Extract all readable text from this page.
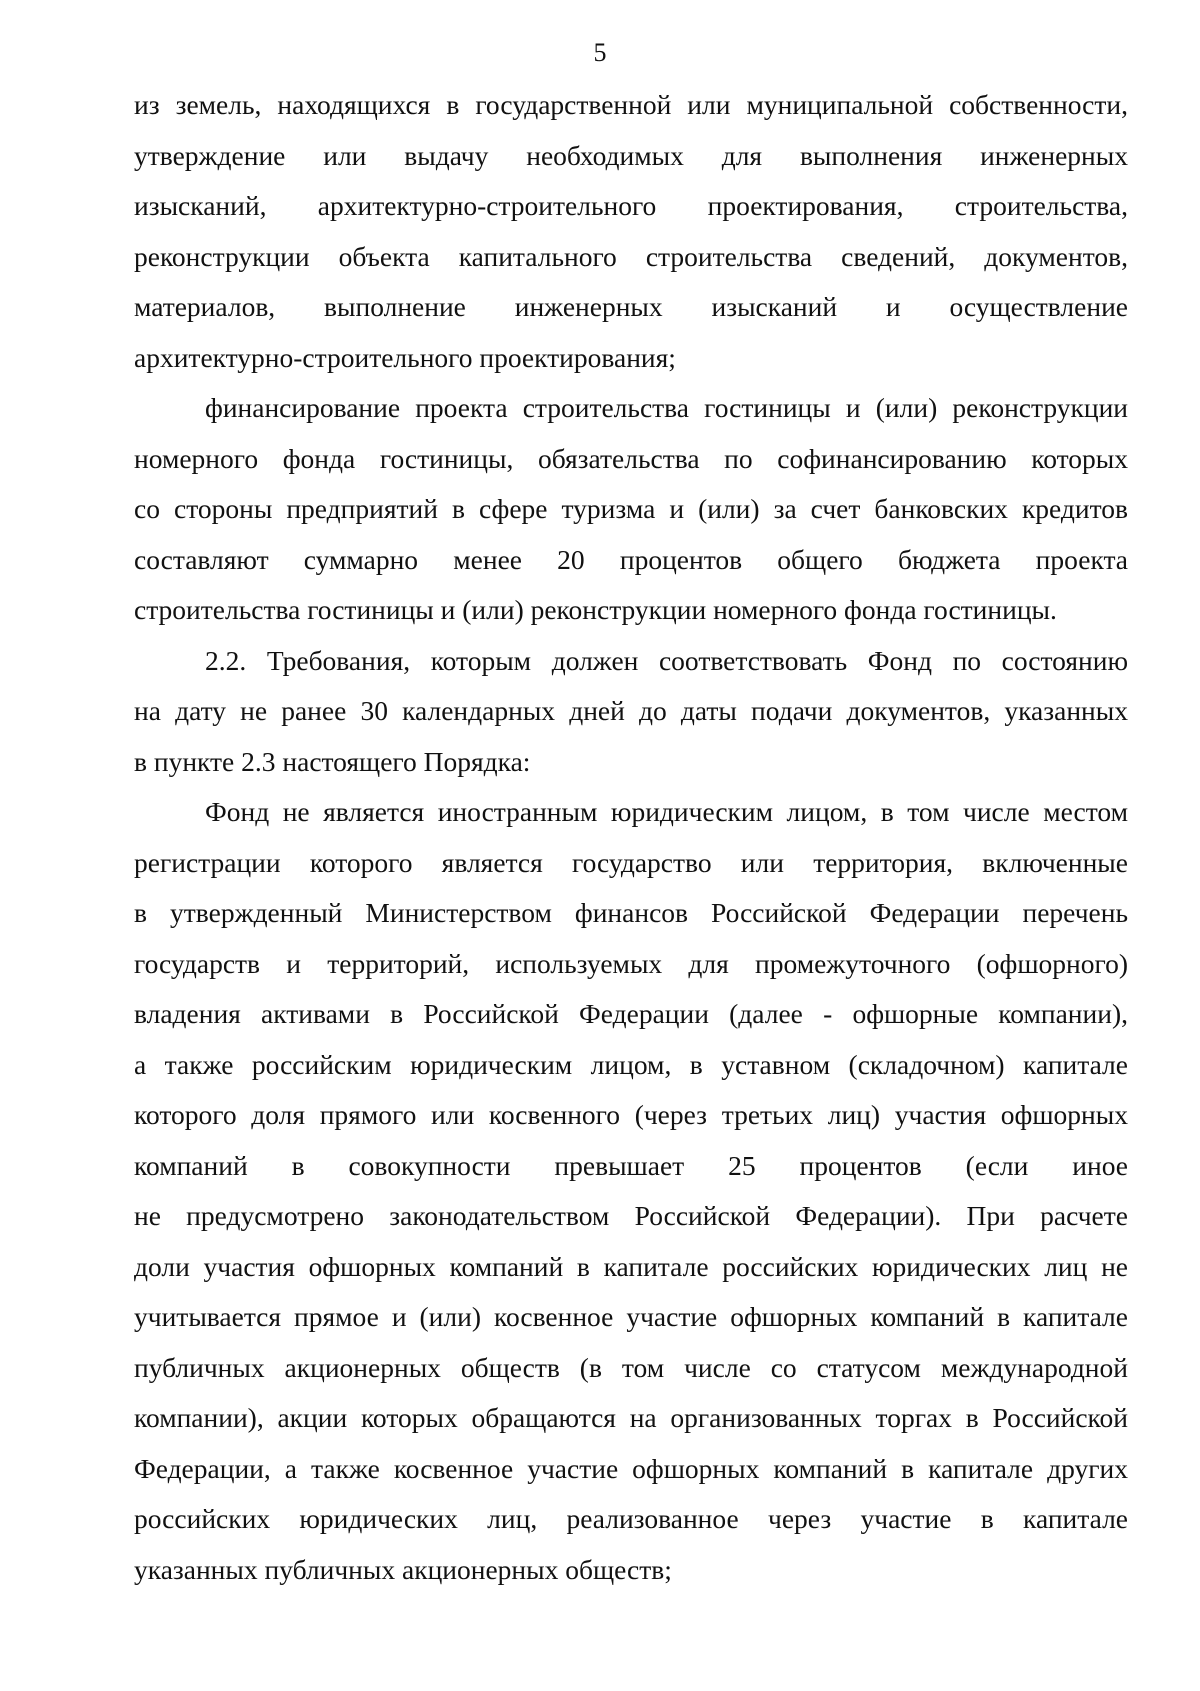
5
из земель, находящихся в государственной или муниципальной собственности,
утверждение или выдачу необходимых для выполнения инженерных
изысканий, архитектурно-строительного проектирования, строительства,
реконструкции объекта капитального строительства сведений, документов,
материалов, выполнение инженерных изысканий и осуществление
архитектурно-строительного проектирования;
финансирование проекта строительства гостиницы и (или) реконструкции
номерного фонда гостиницы, обязательства по софинансированию которых
со стороны предприятий в сфере туризма и (или) за счет банковских кредитов
составляют суммарно менее 20 процентов общего бюджета проекта
строительства гостиницы и (или) реконструкции номерного фонда гостиницы.
2.2. Требования, которым должен соответствовать Фонд по состоянию
на дату не ранее 30 календарных дней до даты подачи документов, указанных
в пункте 2.3 настоящего Порядка:
Фонд не является иностранным юридическим лицом, в том числе местом
регистрации которого является государство или территория, включенные
в утвержденный Министерством финансов Российской Федерации перечень
государств и территорий, используемых для промежуточного (офшорного)
владения активами в Российской Федерации (далее - офшорные компании),
а также российским юридическим лицом, в уставном (складочном) капитале
которого доля прямого или косвенного (через третьих лиц) участия офшорных
компаний в совокупности превышает 25 процентов (если иное
не предусмотрено законодательством Российской Федерации). При расчете
доли участия офшорных компаний в капитале российских юридических лиц не
учитывается прямое и (или) косвенное участие офшорных компаний в капитале
публичных акционерных обществ (в том числе со статусом международной
компании), акции которых обращаются на организованных торгах в Российской
Федерации, а также косвенное участие офшорных компаний в капитале других
российских юридических лиц, реализованное через участие в капитале
указанных публичных акционерных обществ;
